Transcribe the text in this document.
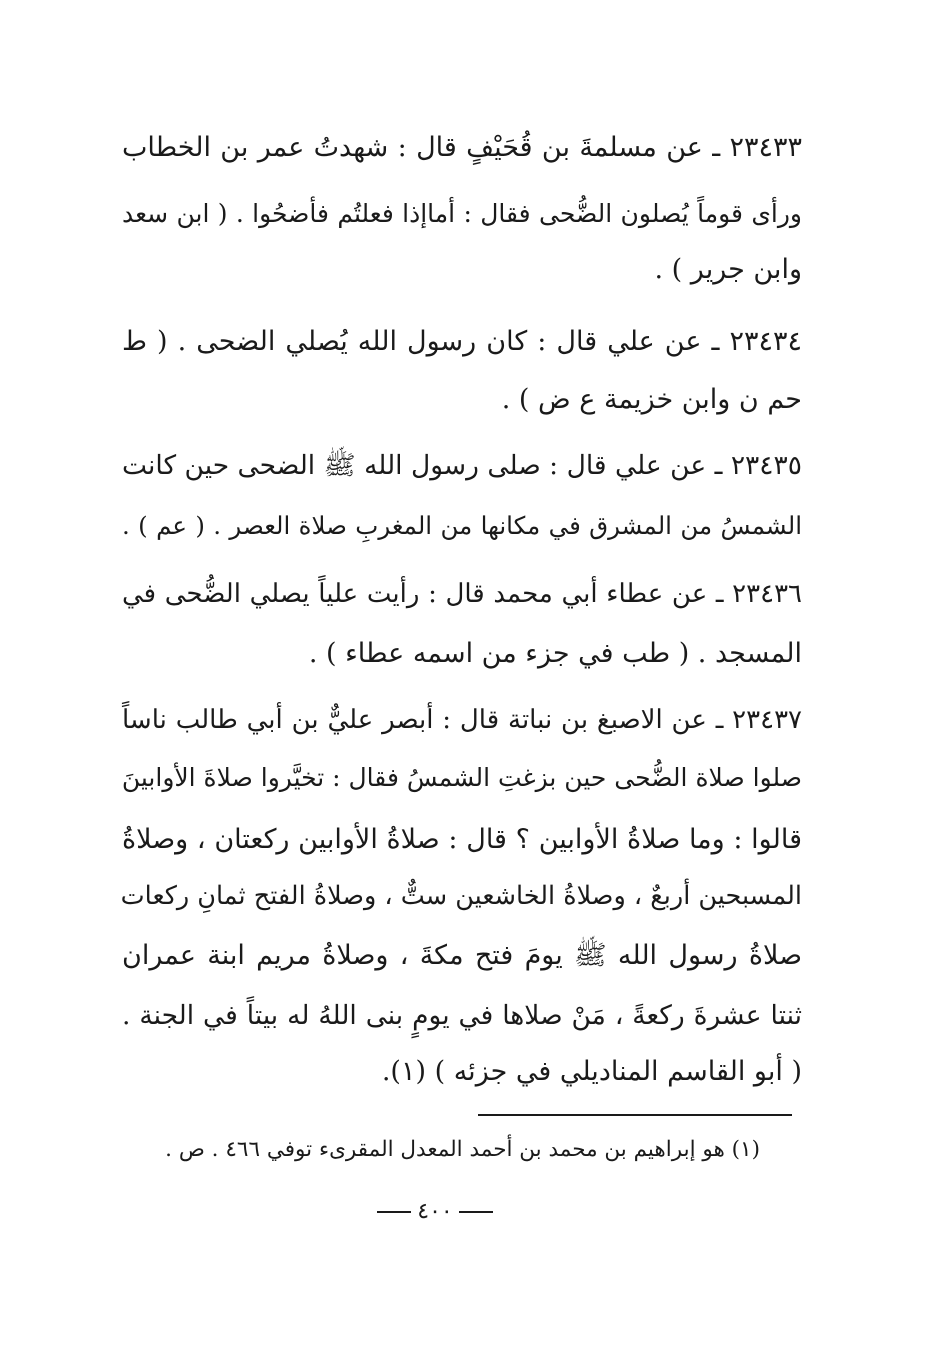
٢٣٤٣٣ ـ عن مسلمةَ بن قُحَيْفٍ قال : شهدتُ عمر بن الخطاب
ورأى قوماً يُصلون الضُّحى فقال : أماإذا فعلتُم فأضحُوا . ( ابن سعد
وابن جرير ) .
٢٣٤٣٤ ـ عن علي قال : كان رسول الله يُصلي الضحى . ( ط
حم ن وابن خزيمة ع ض ) .
٢٣٤٣٥ ـ عن علي قال : صلى رسول الله ﷺ الضحى حين كانت
الشمسُ من المشرق في مكانها من المغربِ صلاة العصر . ( عم ) .
٢٣٤٣٦ ـ عن عطاء أبي محمد قال : رأيت علياً يصلي الضُّحى في
المسجد . ( طب في جزء من اسمه عطاء ) .
٢٣٤٣٧ ـ عن الاصبغ بن نباتة قال : أبصر عليٌّ بن أبي طالب ناساً
صلوا صلاة الضُّحى حين بزغتِ الشمسُ فقال : تخيَّروا صلاةَ الأوابينَ
قالوا : وما صلاةُ الأوابين ؟ قال : صلاةُ الأوابين ركعتان ، وصلاةُ
المسبحين أربعٌ ، وصلاةُ الخاشعين ستٌّ ، وصلاةُ الفتح ثمانِ ركعات
صلاةُ رسول الله ﷺ يومَ فتح مكةَ ، وصلاةُ مريم ابنة عمران
ثنتا عشرةَ ركعةً ، مَنْ صلاها في يومٍ بنى اللهُ له بيتاً في الجنة .
( أبو القاسم المناديلي في جزئه ) (١).
(١) هو إبراهيم بن محمد بن أحمد المعدل المقرىء توفي ٤٦٦ . ص .
٤٠٠
